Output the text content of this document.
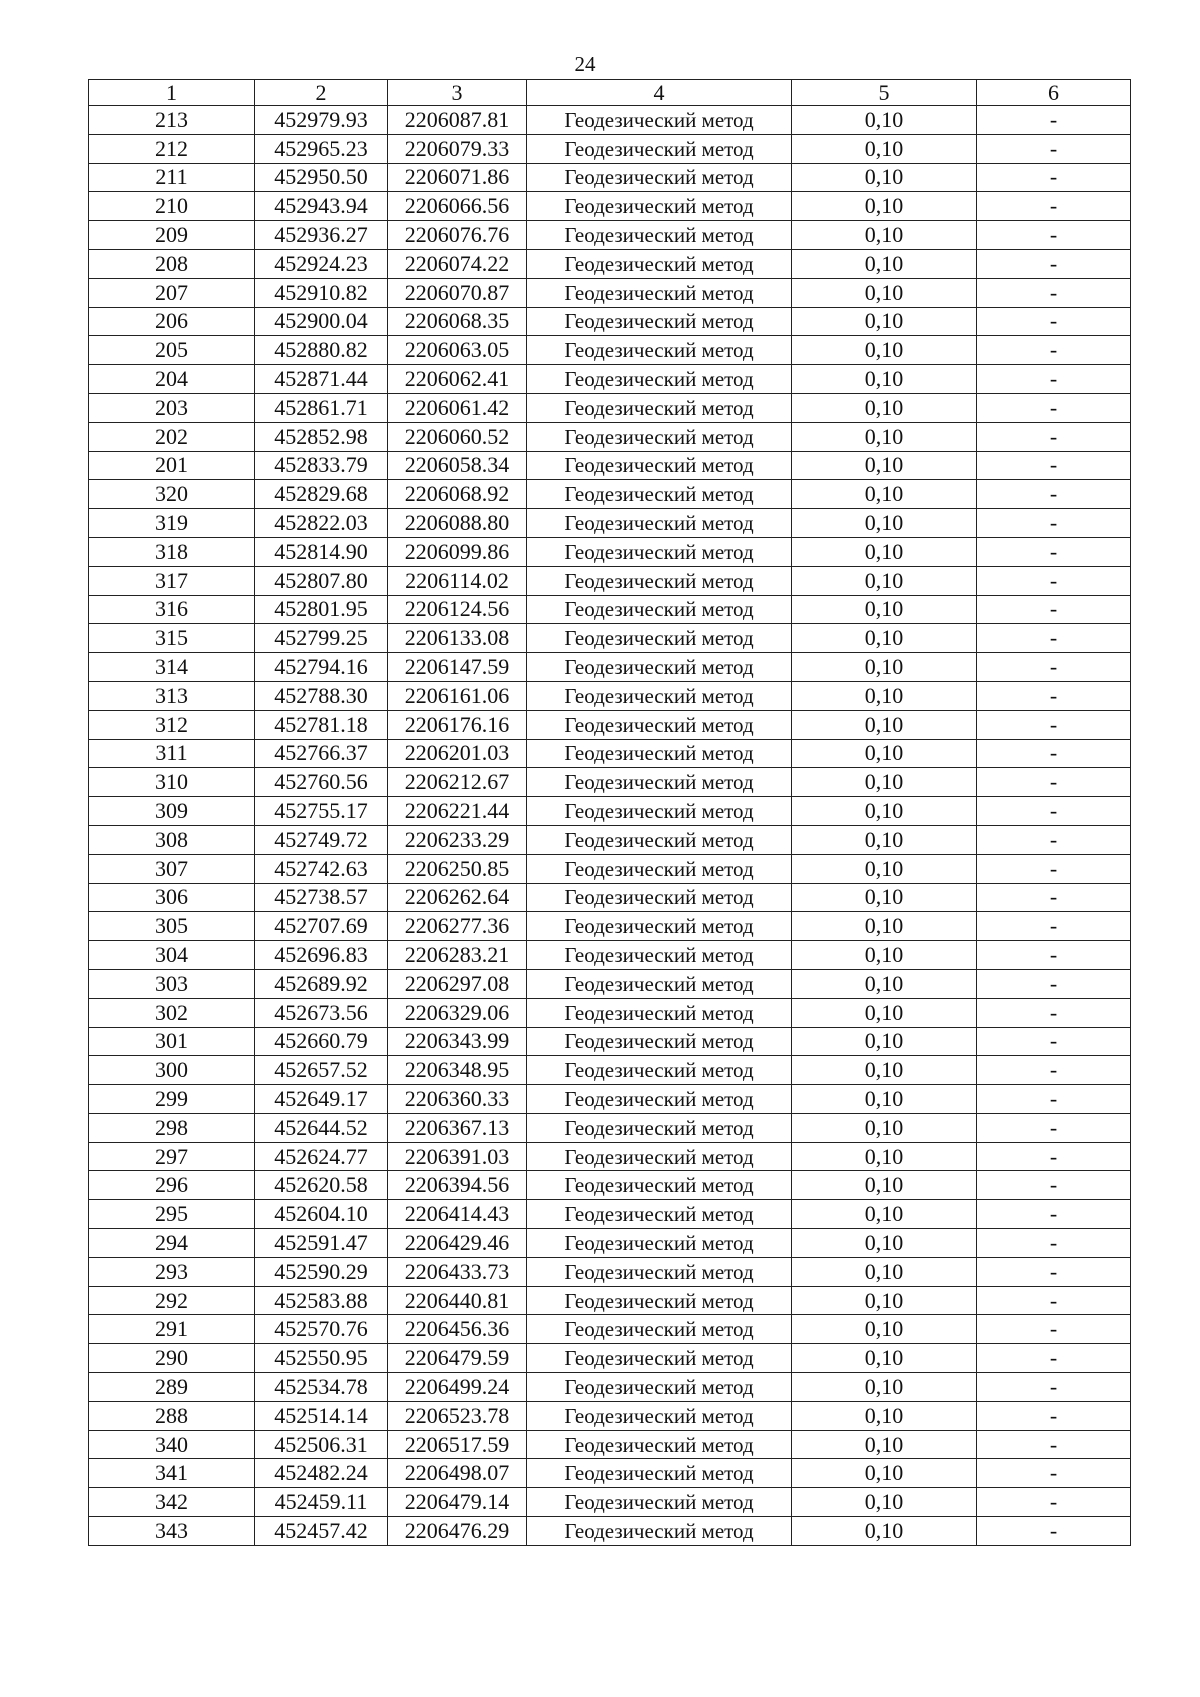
24
1	2	3	4	5	6
213	452979.93	2206087.81	Геодезический метод	0,10	-
212	452965.23	2206079.33	Геодезический метод	0,10	-
211	452950.50	2206071.86	Геодезический метод	0,10	-
210	452943.94	2206066.56	Геодезический метод	0,10	-
209	452936.27	2206076.76	Геодезический метод	0,10	-
208	452924.23	2206074.22	Геодезический метод	0,10	-
207	452910.82	2206070.87	Геодезический метод	0,10	-
206	452900.04	2206068.35	Геодезический метод	0,10	-
205	452880.82	2206063.05	Геодезический метод	0,10	-
204	452871.44	2206062.41	Геодезический метод	0,10	-
203	452861.71	2206061.42	Геодезический метод	0,10	-
202	452852.98	2206060.52	Геодезический метод	0,10	-
201	452833.79	2206058.34	Геодезический метод	0,10	-
320	452829.68	2206068.92	Геодезический метод	0,10	-
319	452822.03	2206088.80	Геодезический метод	0,10	-
318	452814.90	2206099.86	Геодезический метод	0,10	-
317	452807.80	2206114.02	Геодезический метод	0,10	-
316	452801.95	2206124.56	Геодезический метод	0,10	-
315	452799.25	2206133.08	Геодезический метод	0,10	-
314	452794.16	2206147.59	Геодезический метод	0,10	-
313	452788.30	2206161.06	Геодезический метод	0,10	-
312	452781.18	2206176.16	Геодезический метод	0,10	-
311	452766.37	2206201.03	Геодезический метод	0,10	-
310	452760.56	2206212.67	Геодезический метод	0,10	-
309	452755.17	2206221.44	Геодезический метод	0,10	-
308	452749.72	2206233.29	Геодезический метод	0,10	-
307	452742.63	2206250.85	Геодезический метод	0,10	-
306	452738.57	2206262.64	Геодезический метод	0,10	-
305	452707.69	2206277.36	Геодезический метод	0,10	-
304	452696.83	2206283.21	Геодезический метод	0,10	-
303	452689.92	2206297.08	Геодезический метод	0,10	-
302	452673.56	2206329.06	Геодезический метод	0,10	-
301	452660.79	2206343.99	Геодезический метод	0,10	-
300	452657.52	2206348.95	Геодезический метод	0,10	-
299	452649.17	2206360.33	Геодезический метод	0,10	-
298	452644.52	2206367.13	Геодезический метод	0,10	-
297	452624.77	2206391.03	Геодезический метод	0,10	-
296	452620.58	2206394.56	Геодезический метод	0,10	-
295	452604.10	2206414.43	Геодезический метод	0,10	-
294	452591.47	2206429.46	Геодезический метод	0,10	-
293	452590.29	2206433.73	Геодезический метод	0,10	-
292	452583.88	2206440.81	Геодезический метод	0,10	-
291	452570.76	2206456.36	Геодезический метод	0,10	-
290	452550.95	2206479.59	Геодезический метод	0,10	-
289	452534.78	2206499.24	Геодезический метод	0,10	-
288	452514.14	2206523.78	Геодезический метод	0,10	-
340	452506.31	2206517.59	Геодезический метод	0,10	-
341	452482.24	2206498.07	Геодезический метод	0,10	-
342	452459.11	2206479.14	Геодезический метод	0,10	-
343	452457.42	2206476.29	Геодезический метод	0,10	-
